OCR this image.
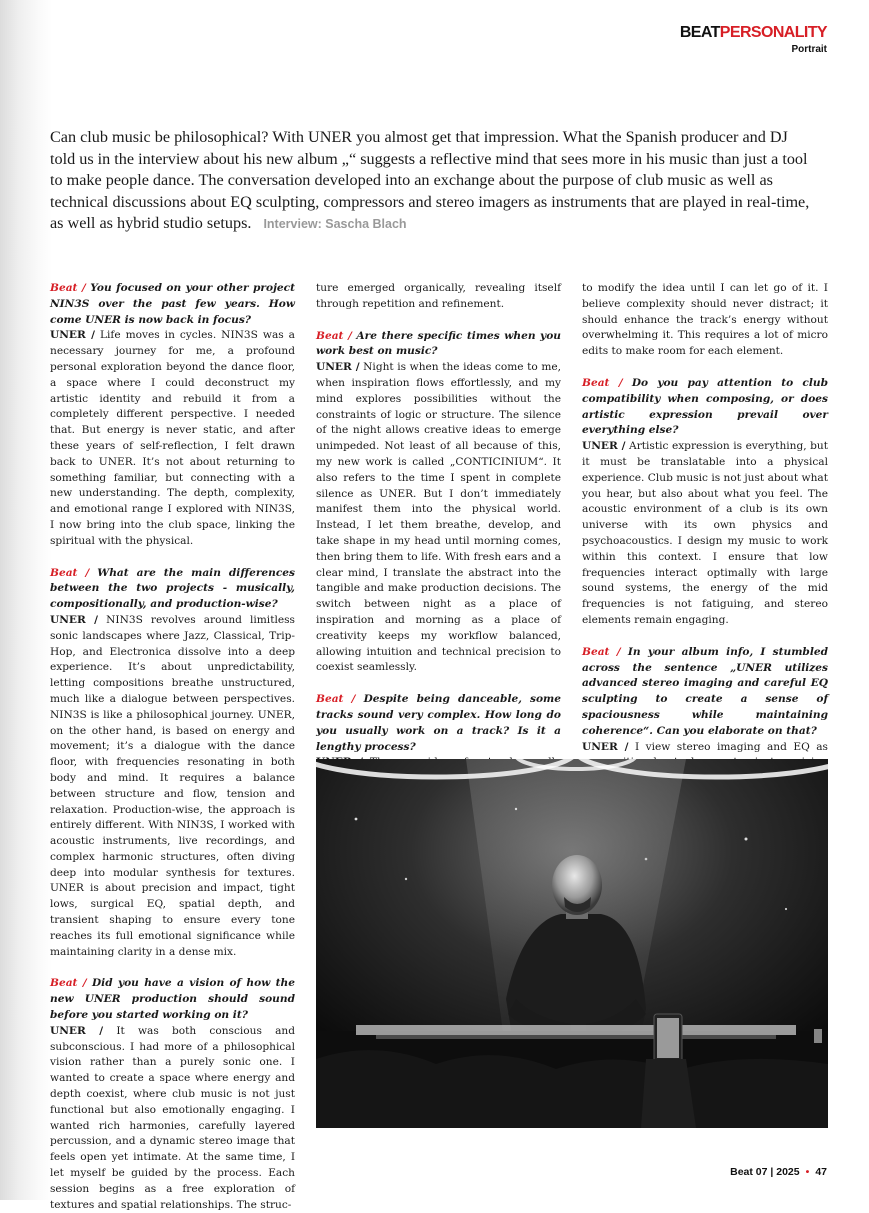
BEATPERSONALITY
Portrait
Can club music be philosophical? With UNER you almost get that impression. What the Spanish producer and DJ told us in the interview about his new album „“ suggests a reflective mind that sees more in his music than just a tool to make people dance. The conversation developed into an exchange about the purpose of club music as well as technical discussions about EQ sculpting, compressors and stereo imagers as instruments that are played in real-time, as well as hybrid studio setups. Interview: Sascha Blach

Beat / You focused on your other project NIN3S over the past few years. How come UNER is now back in focus?

UNER / Life moves in cycles. NIN3S was a necessary journey for me, a profound personal exploration beyond the dance floor, a space where I could deconstruct my artistic identity and rebuild it from a completely different perspective. I needed that. But energy is never static, and after these years of self-reflection, I felt drawn back to UNER. It’s not about returning to something familiar, but connecting with a new understanding. The depth, complexity, and emotional range I explored with NIN3S, I now bring into the club space, linking the spiritual with the physical.

Beat / What are the main differences between the two projects - musically, compositionally, and production-wise?

UNER / NIN3S revolves around limitless sonic landscapes where Jazz, Classical, Trip-Hop, and Electronica dissolve into a deep experience. It’s about unpredictability, letting compositions breathe unstructured, much like a dialogue between perspectives. NIN3S is like a philosophical journey. UNER, on the other hand, is based on energy and movement; it’s a dialogue with the dance floor, with frequencies resonating in both body and mind. It requires a balance between structure and flow, tension and relaxation. Production-wise, the approach is entirely different. With NIN3S, I worked with acoustic instruments, live recordings, and complex harmonic structures, often diving deep into modular synthesis for textures. UNER is about precision and impact, tight lows, surgical EQ, spatial depth, and transient shaping to ensure every tone reaches its full emotional significance while maintaining clarity in a dense mix.

Beat / Did you have a vision of how the new UNER production should sound before you started working on it?

UNER / It was both conscious and subconscious. I had more of a philosophical vision rather than a purely sonic one. I wanted to create a space where energy and depth coexist, where club music is not just functional but also emotionally engaging. I wanted rich harmonies, carefully layered percussion, and a dynamic stereo image that feels open yet intimate. At the same time, I let myself be guided by the process. Each session begins as a free exploration of textures and spatial relationships. The struc-

ture emerged organically, revealing itself through repetition and refinement.

Beat / Are there specific times when you work best on music?

UNER / Night is when the ideas come to me, when inspiration flows effortlessly, and my mind explores possibilities without the constraints of logic or structure. The silence of the night allows creative ideas to emerge unimpeded. Not least of all because of this, my new work is called „CONTICINIUM“. It also refers to the time I spent in complete silence as UNER. But I don’t immediately manifest them into the physical world. Instead, I let them breathe, develop, and take shape in my head until morning comes, then bring them to life. With fresh ears and a clear mind, I translate the abstract into the tangible and make production decisions. The switch between night as a place of inspiration and morning as a place of creativity keeps my workflow balanced, allowing intuition and technical precision to coexist seamlessly.

Beat / Despite being danceable, some tracks sound very complex. How long do you usually work on a track? Is it a lengthy process?

to modify the idea until I can let go of it. I believe complexity should never distract; it should enhance the track’s energy without overwhelming it. This requires a lot of micro edits to make room for each element.

Beat / Do you pay attention to club compatibility when composing, or does artistic expression prevail over everything else?

UNER / Artistic expression is everything, but it must be translatable into a physical experience. Club music is not just about what you hear, but also about what you feel. The acoustic environment of a club is its own universe with its own physics and psychoacoustics. I design my music to work within this context. I ensure that low frequencies interact optimally with large sound systems, the energy of the mid frequencies is not fatiguing, and stereo elements remain engaging.

Beat / In your album info, I stumbled across the sentence „UNER utilizes advanced stereo imaging and careful EQ sculpting to create a sense of spaciousness while maintaining coherence“. Can you elaborate on that?

UNER / I view stereo imaging and EQ as

Beat 07 | 2025 • 47
